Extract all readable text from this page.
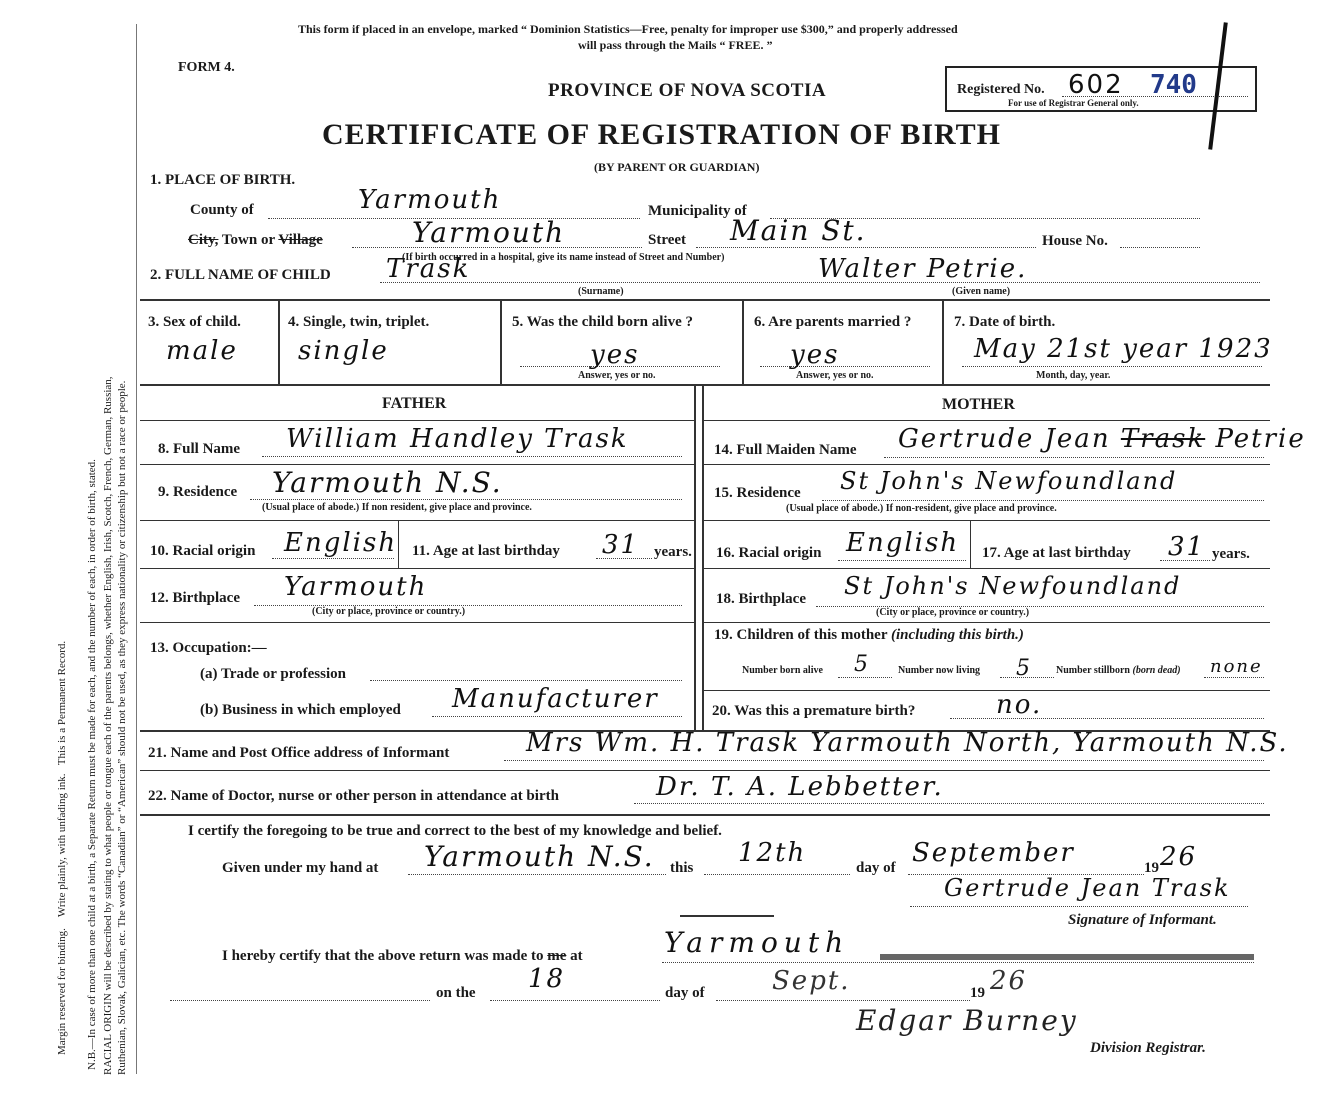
Margin reserved for binding.    Write plainly, with unfading ink.   This is a Permanent Record. N.B.—In case of more than one child at a birth, a Separate Return must be made for each, and the number of each, in order of birth, stated. RACIAL ORIGIN will be described by stating to what people or tongue each of the parents belongs, whether English, Irish, Scotch, French, German, Russian, Ruthenian, Slovak, Galician, etc. The words “Canadian” or “American” should not be used, as they express nationality or citizenship but not a race or people.
This form if placed in an envelope, marked “ Dominion Statistics—Free, penalty for improper use $300,” and properly addressed
will pass through the Mails “ FREE. ”
FORM 4.
PROVINCE OF NOVA SCOTIA
CERTIFICATE OF REGISTRATION OF BIRTH
(BY PARENT OR GUARDIAN)
Registered No. 602 740
For use of Registrar General only.
1. PLACE OF BIRTH.
County of	Yarmouth	Municipality of
City, Town or Village	Yarmouth	Street Main St.	House No.
(If birth occurred in a hospital, give its name instead of Street and Number)
2. FULL NAME OF CHILD Trask	Walter Petrie.
(Surname)	(Given name)
3. Sex of child.
male
4. Single, twin, triplet.
single
5. Was the child born alive ?
yes
Answer, yes or no.
6. Are parents married ?
yes
Answer, yes or no.
7. Date of birth.
May 21st year 1923
Month, day, year.
FATHER	MOTHER
8. Full Name William Handley Trask
9. Residence Yarmouth N.S.
(Usual place of abode.) If non resident, give place and province.
10. Racial origin English 11. Age at last birthday 31 years.
12. Birthplace Yarmouth
(City or place, province or country.)
13. Occupation:—
(a) Trade or profession
(b) Business in which employed Manufacturer
14. Full Maiden Name Gertrude Jean Trask Petrie
15. Residence St John's Newfoundland
(Usual place of abode.) If non-resident, give place and province.
16. Racial origin English 17. Age at last birthday 31 years.
18. Birthplace St John's Newfoundland
(City or place, province or country.)
19. Children of this mother (including this birth.)
Number born alive 5	Number now living 5 Number stillborn (born dead) none
20. Was this a premature birth?	no.
21. Name and Post Office address of Informant	Mrs Wm. H. Trask Yarmouth North, Yarmouth N.S.
22. Name of Doctor, nurse or other person in attendance at birth	Dr. T. A. Lebbetter.
I certify the foregoing to be true and correct to the best of my knowledge and belief.
Given under my hand at Yarmouth N.S. this 12th	day of September	19 26
Gertrude Jean Trask
Signature of Informant.
I hereby certify that the above return was made to me at	Yarmouth
on the 18	day of	Sept.	19 26
Edgar Burney
Division Registrar.
